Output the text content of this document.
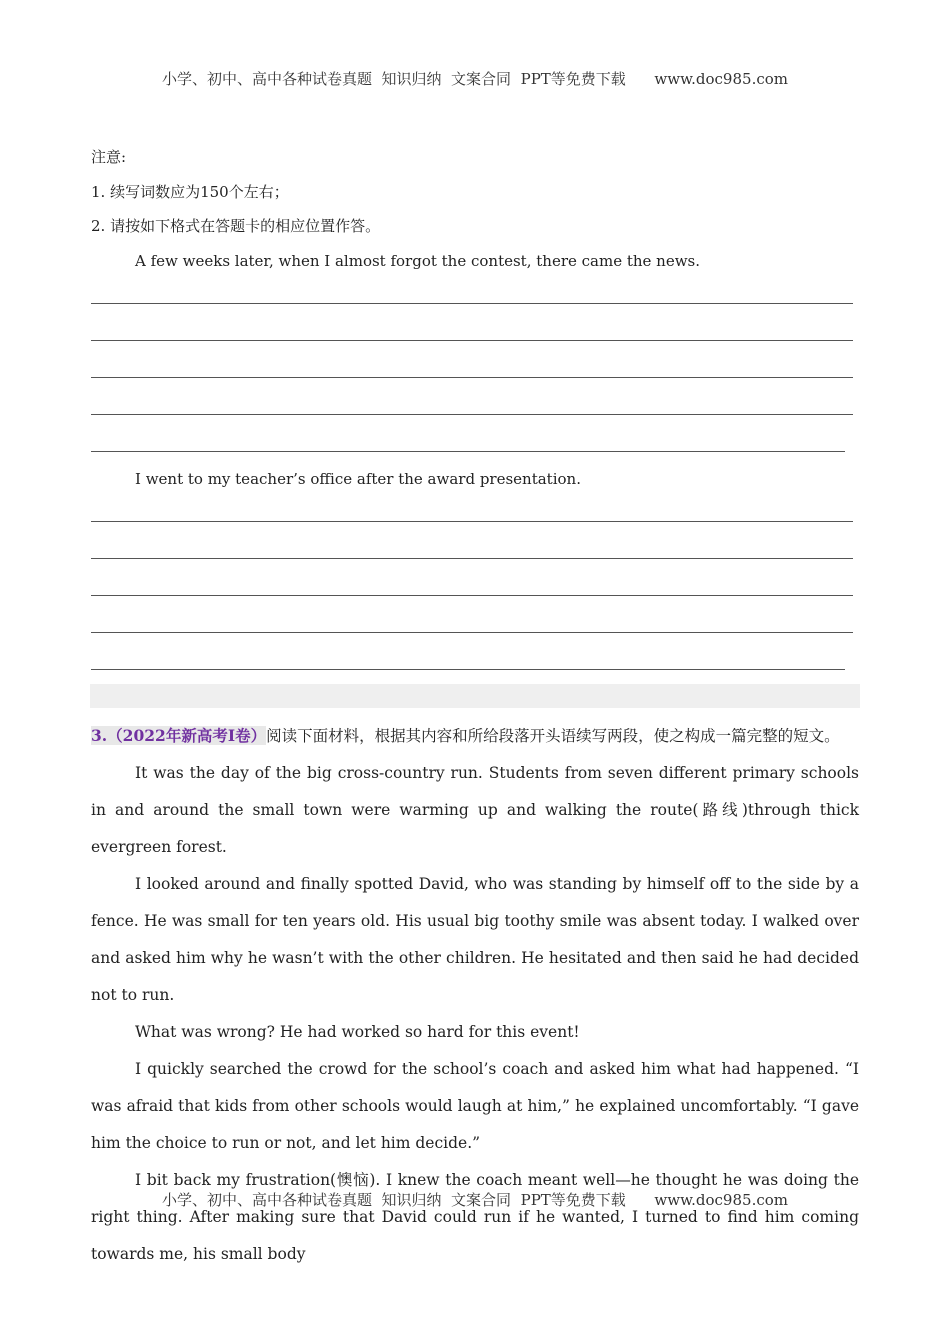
小学、初中、高中各种试卷真题  知识归纳  文案合同  PPT等免费下载      www.doc985.com
注意:
1. 续写词数应为150个左右；
2. 请按如下格式在答题卡的相应位置作答。
A few weeks later, when I almost forgot the contest, there came the news.
I went to my teacher’s office after the award presentation.

3.（2022年新高考I卷）阅读下面材料，根据其内容和所给段落开头语续写两段，使之构成一篇完整的短文。

It was the day of the big cross-country run. Students from seven different primary schools in and around the small town were warming up and walking the route(路线)through thick evergreen forest.

I looked around and finally spotted David, who was standing by himself off to the side by a fence. He was small for ten years old. His usual big toothy smile was absent today. I walked over and asked him why he wasn’t with the other children. He hesitated and then said he had decided not to run.

What was wrong? He had worked so hard for this event!

I quickly searched the crowd for the school’s coach and asked him what had happened. “I was afraid that kids from other schools would laugh at him,” he explained uncomfortably. “I gave him the choice to run or not, and let him decide.”

I bit back my frustration(懊恼). I knew the coach meant well—he thought he was doing the right thing. After making sure that David could run if he wanted, I turned to find him coming towards me, his small body

小学、初中、高中各种试卷真题  知识归纳  文案合同  PPT等免费下载      www.doc985.com
